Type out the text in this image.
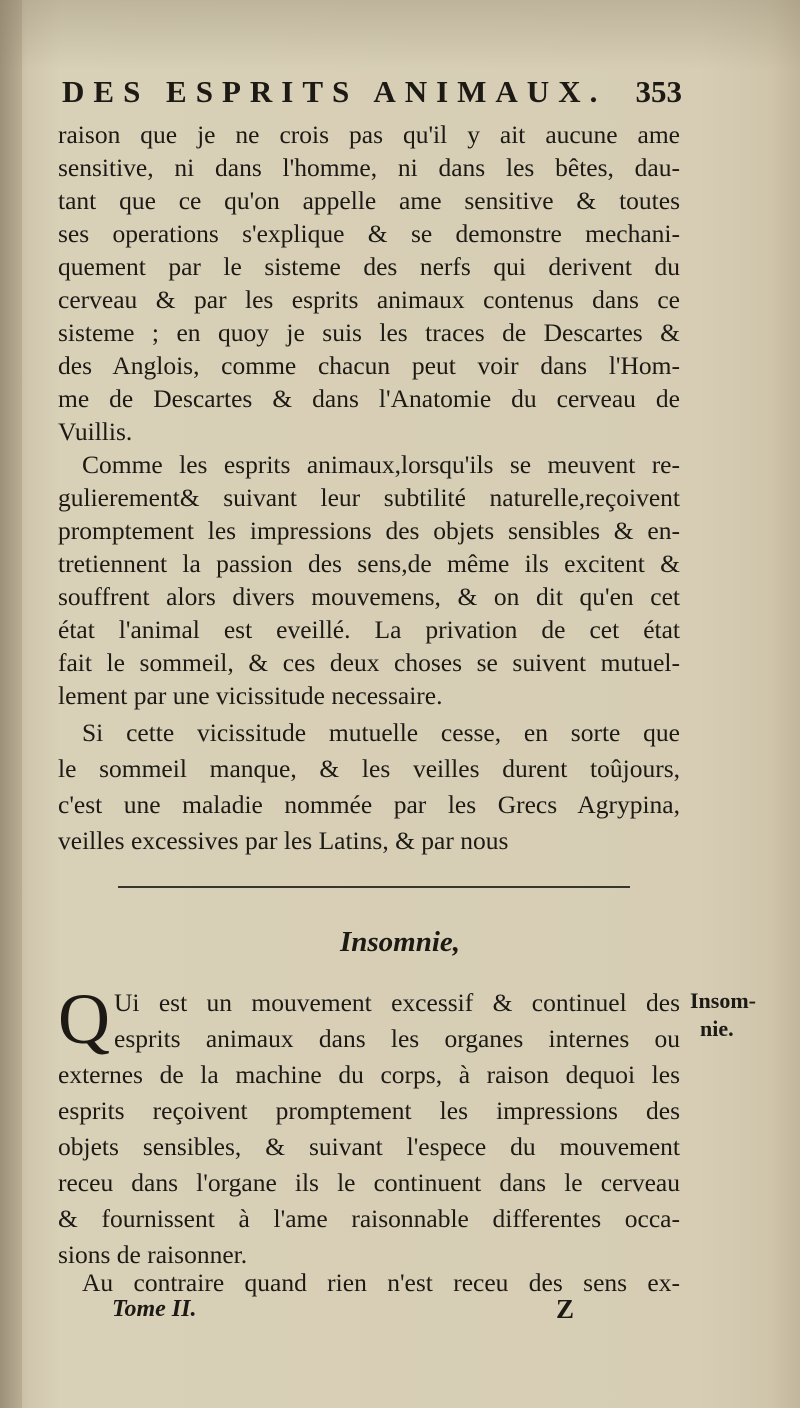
DES ESPRITS ANIMAUX. 353
raison que je ne crois pas qu'il y ait aucune ame
sensitive, ni dans l'homme, ni dans les bêtes, dau-
tant que ce qu'on appelle ame sensitive & toutes
ses operations s'explique & se demonstre mechani-
quement par le sisteme des nerfs qui derivent du
cerveau & par les esprits animaux contenus dans ce
sisteme ; en quoy je suis les traces de Descartes &
des Anglois, comme chacun peut voir dans l'Hom-
me de Descartes & dans l'Anatomie du cerveau de
Vuillis.
Comme les esprits animaux,lorsqu'ils se meuvent re-
gulierement& suivant leur subtilité naturelle,reçoivent
promptement les impressions des objets sensibles & en-
tretiennent la passion des sens,de même ils excitent &
souffrent alors divers mouvemens, & on dit qu'en cet
état l'animal est eveillé. La privation de cet état
fait le sommeil, & ces deux choses se suivent mutuel-
lement par une vicissitude necessaire.
Si cette vicissitude mutuelle cesse, en sorte que
le sommeil manque, & les veilles durent toûjours,
c'est une maladie nommée par les Grecs Agrypina,
veilles excessives par les Latins, & par nous
Insomnie,
Q Ui est un mouvement excessif & continuel des
esprits animaux dans les organes internes ou
Insom-
nie.
externes de la machine du corps, à raison dequoi les
esprits reçoivent promptement les impressions des
objets sensibles, & suivant l'espece du mouvement
receu dans l'organe ils le continuent dans le cerveau
& fournissent à l'ame raisonnable differentes occa-
sions de raisonner.
Au contraire quand rien n'est receu des sens ex-
Tome II.	Z
